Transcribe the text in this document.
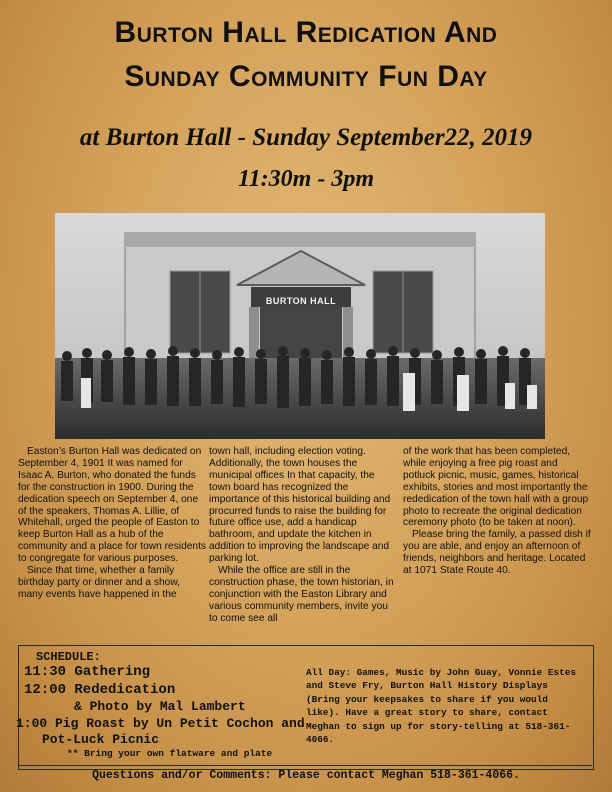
Burton Hall Redication And
Sunday Community Fun Day
at Burton Hall - Sunday September22, 2019
11:30m - 3pm
BURTON HALL

Easton’s Burton Hall was dedicated on September 4, 1901 It was named for Isaac A. Burton, who donated the funds for the construction in 1900. During the dedication speech on September 4, one of the speakers, Thomas A. Lillie, of Whitehall, urged the people of Easton to keep Burton Hall as a hub of the community and a place for town residents to congregate for various purposes.

Since that time, whether a family birthday party or dinner and a show, many events have happened in the

town hall, including election voting. Additionally, the town houses the municipal offices In that capacity, the town board has recognized the importance of this historical building and procurred funds to raise the building for future office use, add a handicap bathroom, and update the kitchen in addition to improving the landscape and parking lot.

While the office are still in the construction phase, the town historian, in conjunction with the Easton Library and various community members, invite you to come see all

of the work that has been completed, while enjoying a free pig roast and potluck picnic, music, games, historical exhibits, stories and most importantly the rededication of the town hall with a group photo to recreate the original dedication ceremony photo (to be taken at noon).

Please bring the family, a passed dish if you are able, and enjoy an afternoon of friends, neighbors and heritage. Located at 1071 State Route 40.

SCHEDULE:
11:30 Gathering
12:00 Rededication
& Photo by Mal Lambert
1:00 Pig Roast by Un Petit Cochon and
Pot-Luck Picnic
** Bring your own flatware and plate

All Day: Games, Music by John Guay, Vonnie Estes and Steve Fry, Burton Hall History Displays (Bring your keepsakes to share if you would like). Have a great story to share, contact Meghan to sign up for story-telling at 518-361-4066.

Questions and/or Comments: Please contact Meghan 518-361-4066.
